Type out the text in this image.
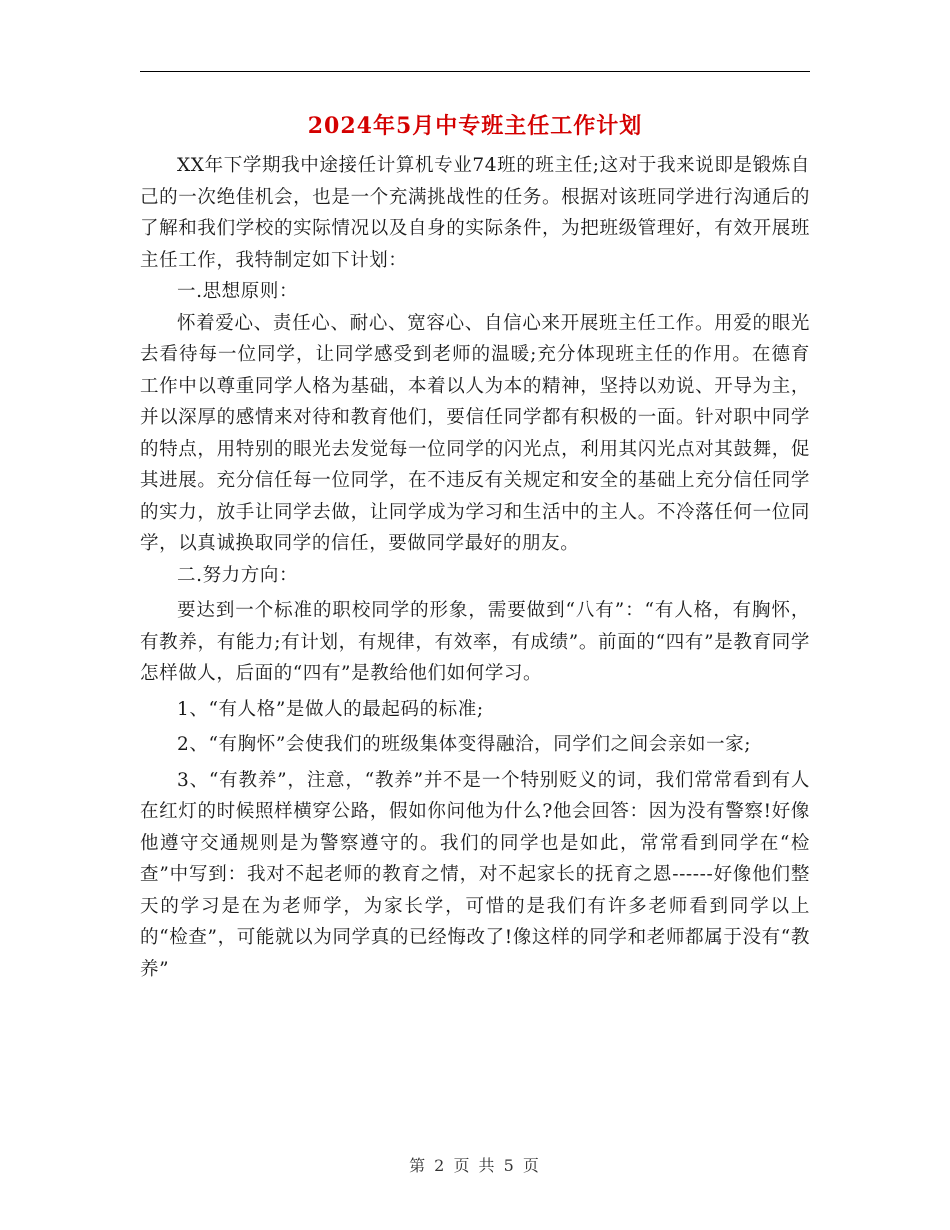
2024年5月中专班主任工作计划

XX年下学期我中途接任计算机专业74班的班主任;这对于我来说即是锻炼自己的一次绝佳机会，也是一个充满挑战性的任务。根据对该班同学进行沟通后的了解和我们学校的实际情况以及自身的实际条件，为把班级管理好，有效开展班主任工作，我特制定如下计划：

一.思想原则：

怀着爱心、责任心、耐心、宽容心、自信心来开展班主任工作。用爱的眼光去看待每一位同学，让同学感受到老师的温暖;充分体现班主任的作用。在德育工作中以尊重同学人格为基础，本着以人为本的精神，坚持以劝说、开导为主，并以深厚的感情来对待和教育他们，要信任同学都有积极的一面。针对职中同学的特点，用特别的眼光去发觉每一位同学的闪光点，利用其闪光点对其鼓舞，促其进展。充分信任每一位同学，在不违反有关规定和安全的基础上充分信任同学的实力，放手让同学去做，让同学成为学习和生活中的主人。不冷落任何一位同学，以真诚换取同学的信任，要做同学最好的朋友。

二.努力方向：

要达到一个标准的职校同学的形象，需要做到“八有”：“有人格，有胸怀，有教养，有能力;有计划，有规律，有效率，有成绩”。前面的“四有”是教育同学怎样做人，后面的“四有”是教给他们如何学习。

1、“有人格”是做人的最起码的标准;

2、“有胸怀”会使我们的班级集体变得融洽，同学们之间会亲如一家;

3、“有教养”，注意，“教养”并不是一个特别贬义的词，我们常常看到有人在红灯的时候照样横穿公路，假如你问他为什么?他会回答：因为没有警察!好像他遵守交通规则是为警察遵守的。我们的同学也是如此，常常看到同学在“检查”中写到：我对不起老师的教育之情，对不起家长的抚育之恩------好像他们整天的学习是在为老师学，为家长学，可惜的是我们有许多老师看到同学以上的“检查”，可能就以为同学真的已经悔改了!像这样的同学和老师都属于没有“教养”

第 2 页 共 5 页
